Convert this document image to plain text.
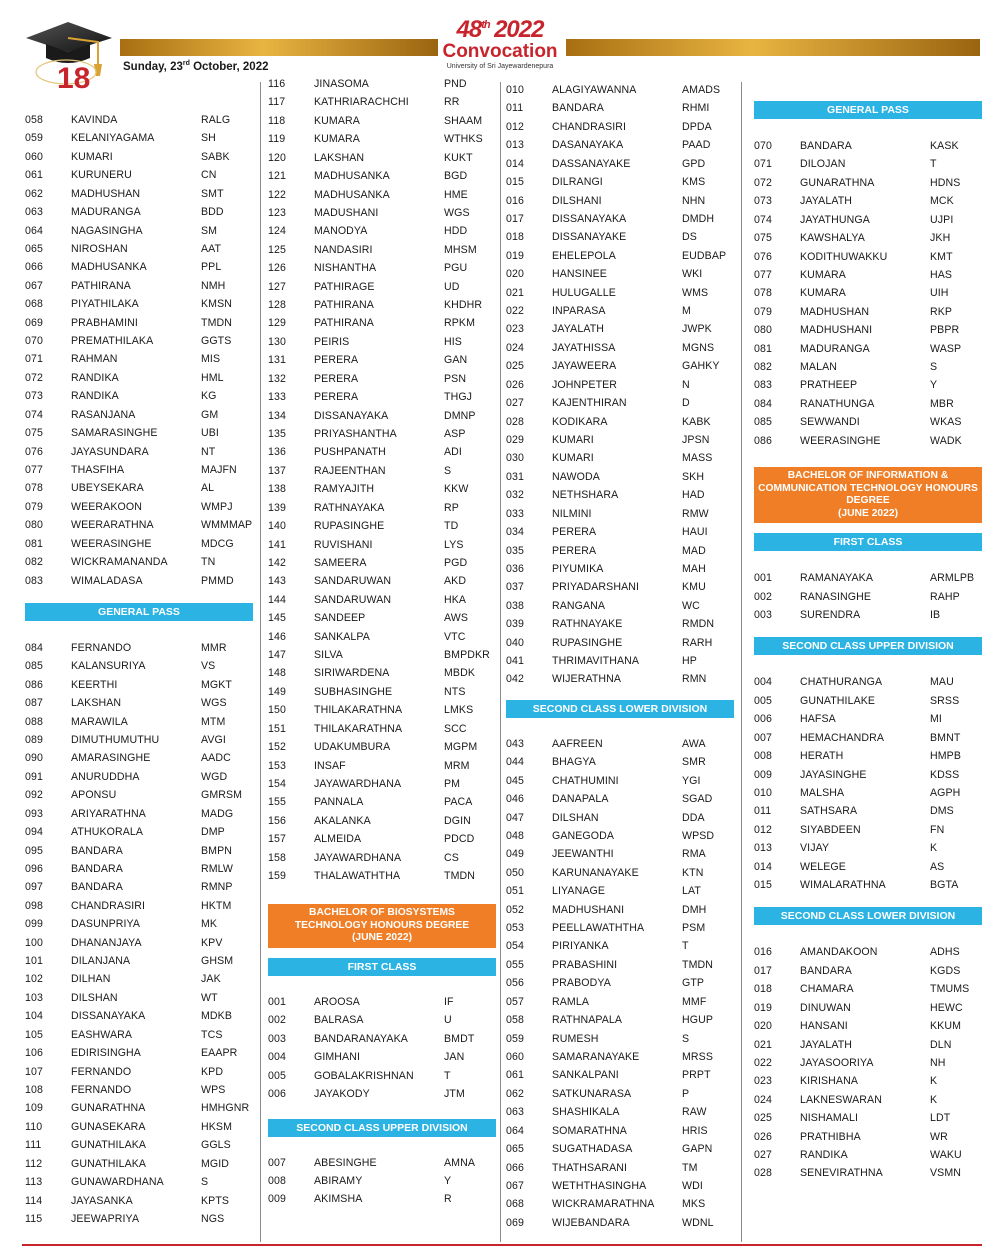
18	Sunday, 23rd October, 2022
48th 2022
Convocation
University of Sri Jayewardenepura
058	KAVINDA	RALG
059	KELANIYAGAMA	SH
060	KUMARI	SABK
061	KURUNERU	CN
062	MADHUSHAN	SMT
063	MADURANGA	BDD
064	NAGASINGHA	SM
065	NIROSHAN	AAT
066	MADHUSANKA	PPL
067	PATHIRANA	NMH
068	PIYATHILAKA	KMSN
069	PRABHAMINI	TMDN
070	PREMATHILAKA	GGTS
071	RAHMAN	MIS
072	RANDIKA	HML
073	RANDIKA	KG
074	RASANJANA	GM
075	SAMARASINGHE	UBI
076	JAYASUNDARA	NT
077	THASFIHA	MAJFN
078	UBEYSEKARA	AL
079	WEERAKOON	WMPJ
080	WEERARATHNA	WMMMAP
081	WEERASINGHE	MDCG
082	WICKRAMANANDA	TN
083	WIMALADASA	PMMD
GENERAL PASS
084	FERNANDO	MMR
085	KALANSURIYA	VS
086	KEERTHI	MGKT
087	LAKSHAN	WGS
088	MARAWILA	MTM
089	DIMUTHUMUTHU	AVGI
090	AMARASINGHE	AADC
091	ANURUDDHA	WGD
092	APONSU	GMRSM
093	ARIYARATHNA	MADG
094	ATHUKORALA	DMP
095	BANDARA	BMPN
096	BANDARA	RMLW
097	BANDARA	RMNP
098	CHANDRASIRI	HKTM
099	DASUNPRIYA	MK
100	DHANANJAYA	KPV
101	DILANJANA	GHSM
102	DILHAN	JAK
103	DILSHAN	WT
104	DISSANAYAKA	MDKB
105	EASHWARA	TCS
106	EDIRISINGHA	EAAPR
107	FERNANDO	KPD
108	FERNANDO	WPS
109	GUNARATHNA	HMHGNR
110	GUNASEKARA	HKSM
111	GUNATHILAKA	GGLS
112	GUNATHILAKA	MGID
113	GUNAWARDHANA	S
114	JAYASANKA	KPTS
115	JEEWAPRIYA	NGS
116	JINASOMA	PND
117	KATHRIARACHCHI	RR
118	KUMARA	SHAAM
119	KUMARA	WTHKS
120	LAKSHAN	KUKT
121	MADHUSANKA	BGD
122	MADHUSANKA	HME
123	MADUSHANI	WGS
124	MANODYA	HDD
125	NANDASIRI	MHSM
126	NISHANTHA	PGU
127	PATHIRAGE	UD
128	PATHIRANA	KHDHR
129	PATHIRANA	RPKM
130	PEIRIS	HIS
131	PERERA	GAN
132	PERERA	PSN
133	PERERA	THGJ
134	DISSANAYAKA	DMNP
135	PRIYASHANTHA	ASP
136	PUSHPANATH	ADI
137	RAJEENTHAN	S
138	RAMYAJITH	KKW
139	RATHNAYAKA	RP
140	RUPASINGHE	TD
141	RUVISHANI	LYS
142	SAMEERA	PGD
143	SANDARUWAN	AKD
144	SANDARUWAN	HKA
145	SANDEEP	AWS
146	SANKALPA	VTC
147	SILVA	BMPDKR
148	SIRIWARDENA	MBDK
149	SUBHASINGHE	NTS
150	THILAKARATHNA	LMKS
151	THILAKARATHNA	SCC
152	UDAKUMBURA	MGPM
153	INSAF	MRM
154	JAYAWARDHANA	PM
155	PANNALA	PACA
156	AKALANKA	DGIN
157	ALMEIDA	PDCD
158	JAYAWARDHANA	CS
159	THALAWATHTHA	TMDN
BACHELOR OF BIOSYSTEMS
TECHNOLOGY HONOURS DEGREE
(JUNE 2022)
FIRST CLASS
001	AROOSA	IF
002	BALRASA	U
003	BANDARANAYAKA	BMDT
004	GIMHANI	JAN
005	GOBALAKRISHNAN	T
006	JAYAKODY	JTM
SECOND CLASS UPPER DIVISION
007	ABESINGHE	AMNA
008	ABIRAMY	Y
009	AKIMSHA	R
010	ALAGIYAWANNA	AMADS
011	BANDARA	RHMI
012	CHANDRASIRI	DPDA
013	DASANAYAKA	PAAD
014	DASSANAYAKE	GPD
015	DILRANGI	KMS
016	DILSHANI	NHN
017	DISSANAYAKA	DMDH
018	DISSANAYAKE	DS
019	EHELEPOLA	EUDBAP
020	HANSINEE	WKI
021	HULUGALLE	WMS
022	INPARASA	M
023	JAYALATH	JWPK
024	JAYATHISSA	MGNS
025	JAYAWEERA	GAHKY
026	JOHNPETER	N
027	KAJENTHIRAN	D
028	KODIKARA	KABK
029	KUMARI	JPSN
030	KUMARI	MASS
031	NAWODA	SKH
032	NETHSHARA	HAD
033	NILMINI	RMW
034	PERERA	HAUI
035	PERERA	MAD
036	PIYUMIKA	MAH
037	PRIYADARSHANI	KMU
038	RANGANA	WC
039	RATHNAYAKE	RMDN
040	RUPASINGHE	RARH
041	THRIMAVITHANA	HP
042	WIJERATHNA	RMN
SECOND CLASS LOWER DIVISION
043	AAFREEN	AWA
044	BHAGYA	SMR
045	CHATHUMINI	YGI
046	DANAPALA	SGAD
047	DILSHAN	DDA
048	GANEGODA	WPSD
049	JEEWANTHI	RMA
050	KARUNANAYAKE	KTN
051	LIYANAGE	LAT
052	MADHUSHANI	DMH
053	PEELLAWATHTHA	PSM
054	PIRIYANKA	T
055	PRABASHINI	TMDN
056	PRABODYA	GTP
057	RAMLA	MMF
058	RATHNAPALA	HGUP
059	RUMESH	S
060	SAMARANAYAKE	MRSS
061	SANKALPANI	PRPT
062	SATKUNARASA	P
063	SHASHIKALA	RAW
064	SOMARATHNA	HRIS
065	SUGATHADASA	GAPN
066	THATHSARANI	TM
067	WETHTHASINGHA	WDI
068	WICKRAMARATHNA	MKS
069	WIJEBANDARA	WDNL
GENERAL PASS
070	BANDARA	KASK
071	DILOJAN	T
072	GUNARATHNA	HDNS
073	JAYALATH	MCK
074	JAYATHUNGA	UJPI
075	KAWSHALYA	JKH
076	KODITHUWAKKU	KMT
077	KUMARA	HAS
078	KUMARA	UIH
079	MADHUSHAN	RKP
080	MADHUSHANI	PBPR
081	MADURANGA	WASP
082	MALAN	S
083	PRATHEEP	Y
084	RANATHUNGA	MBR
085	SEWWANDI	WKAS
086	WEERASINGHE	WADK
BACHELOR OF INFORMATION &
COMMUNICATION TECHNOLOGY HONOURS
DEGREE
(JUNE 2022)
FIRST CLASS
001	RAMANAYAKA	ARMLPB
002	RANASINGHE	RAHP
003	SURENDRA	IB
SECOND CLASS UPPER DIVISION
004	CHATHURANGA	MAU
005	GUNATHILAKE	SRSS
006	HAFSA	MI
007	HEMACHANDRA	BMNT
008	HERATH	HMPB
009	JAYASINGHE	KDSS
010	MALSHA	AGPH
011	SATHSARA	DMS
012	SIYABDEEN	FN
013	VIJAY	K
014	WELEGE	AS
015	WIMALARATHNA	BGTA
SECOND CLASS LOWER DIVISION
016	AMANDAKOON	ADHS
017	BANDARA	KGDS
018	CHAMARA	TMUMS
019	DINUWAN	HEWC
020	HANSANI	KKUM
021	JAYALATH	DLN
022	JAYASOORIYA	NH
023	KIRISHANA	K
024	LAKNESWARAN	K
025	NISHAMALI	LDT
026	PRATHIBHA	WR
027	RANDIKA	WAKU
028	SENEVIRATHNA	VSMN
